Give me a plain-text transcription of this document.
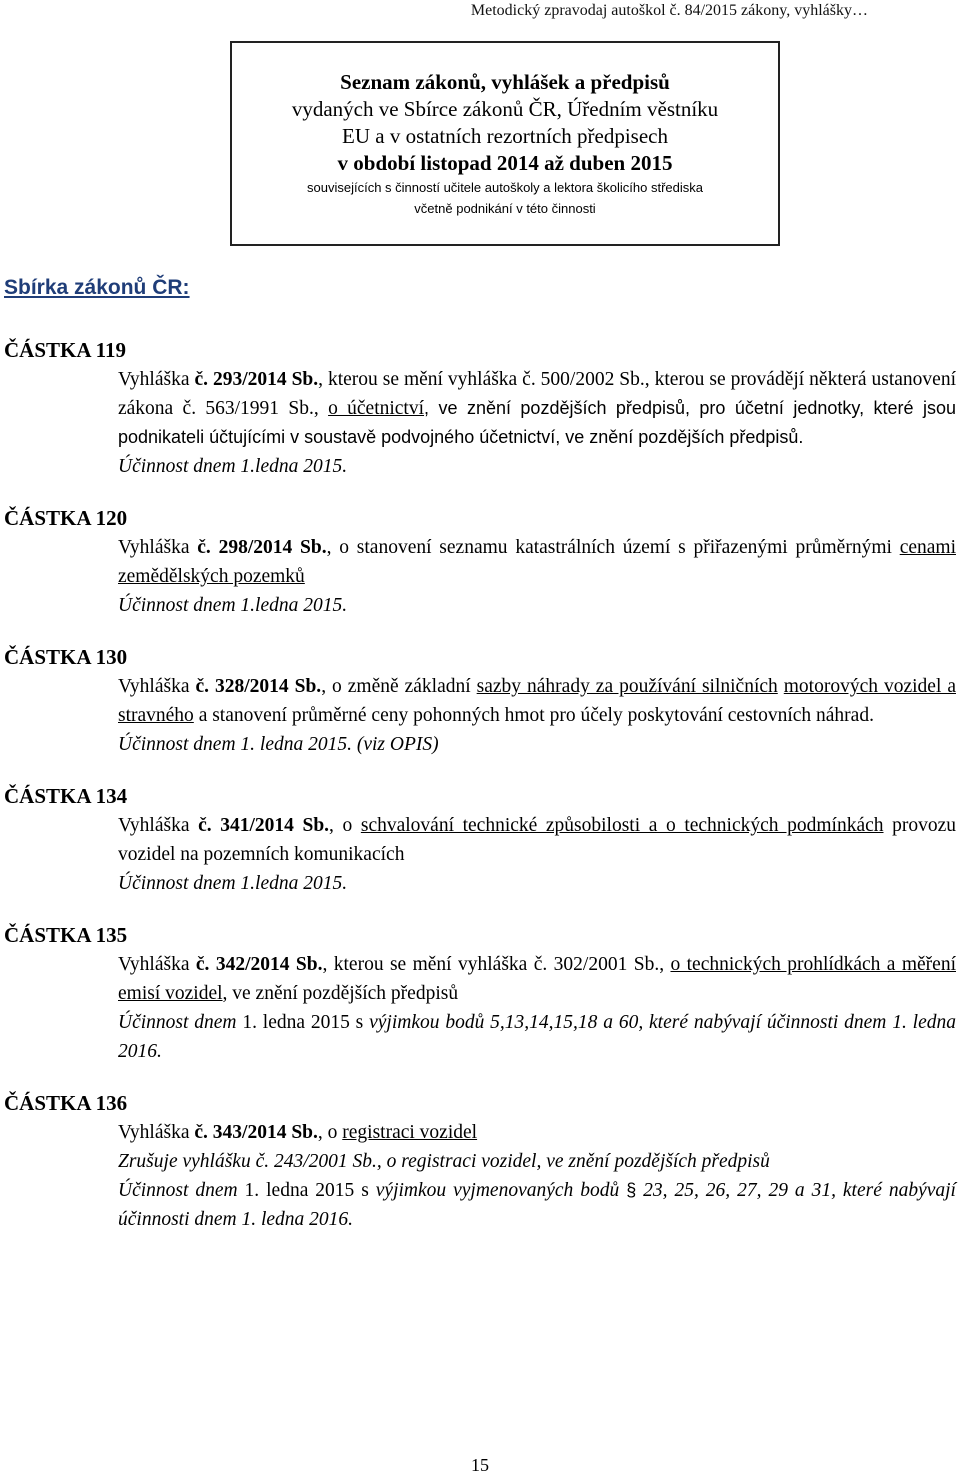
Metodický zpravodaj autoškol č. 84/2015 zákony, vyhlášky…
Seznam zákonů, vyhlášek a předpisů
vydaných ve Sbírce zákonů ČR, Úředním věstníku
EU a v ostatních rezortních předpisech
v období listopad 2014 až duben 2015
souvisejících s činností učitele autoškoly a lektora školicího střediska
včetně podnikání v této činnosti
Sbírka zákonů ČR:
ČÁSTKA 119
Vyhláška č. 293/2014 Sb., kterou se mění vyhláška č. 500/2002 Sb., kterou se provádějí některá ustanovení zákona č. 563/1991 Sb., o účetnictví, ve znění pozdějších předpisů, pro účetní jednotky, které jsou podnikateli účtujícími v soustavě podvojného účetnictví, ve znění pozdějších předpisů.
Účinnost dnem 1.ledna 2015.
ČÁSTKA 120
Vyhláška č. 298/2014 Sb., o stanovení seznamu katastrálních území s přiřazenými průměrnými cenami zemědělských pozemků
Účinnost dnem 1.ledna 2015.
ČÁSTKA 130
Vyhláška č. 328/2014 Sb., o změně základní sazby náhrady za používání silničních motorových vozidel a stravného a stanovení průměrné ceny pohonných hmot pro účely poskytování cestovních náhrad.
Účinnost dnem 1. ledna 2015. (viz OPIS)
ČÁSTKA 134
Vyhláška č. 341/2014 Sb., o schvalování technické způsobilosti a o technických podmínkách provozu vozidel na pozemních komunikacích
Účinnost dnem 1.ledna 2015.
ČÁSTKA 135
Vyhláška č. 342/2014 Sb., kterou se mění vyhláška č. 302/2001 Sb., o technických prohlídkách a měření emisí vozidel, ve znění pozdějších předpisů
Účinnost dnem 1. ledna 2015 s výjimkou bodů 5,13,14,15,18 a 60, které nabývají účinnosti dnem 1. ledna 2016.
ČÁSTKA 136
Vyhláška č. 343/2014 Sb., o registraci vozidel
Zrušuje vyhlášku č. 243/2001 Sb., o registraci vozidel, ve znění pozdějších předpisů
Účinnost dnem 1. ledna 2015 s výjimkou vyjmenovaných bodů § 23, 25, 26, 27, 29 a 31, které nabývají účinnosti dnem 1. ledna 2016.
15
